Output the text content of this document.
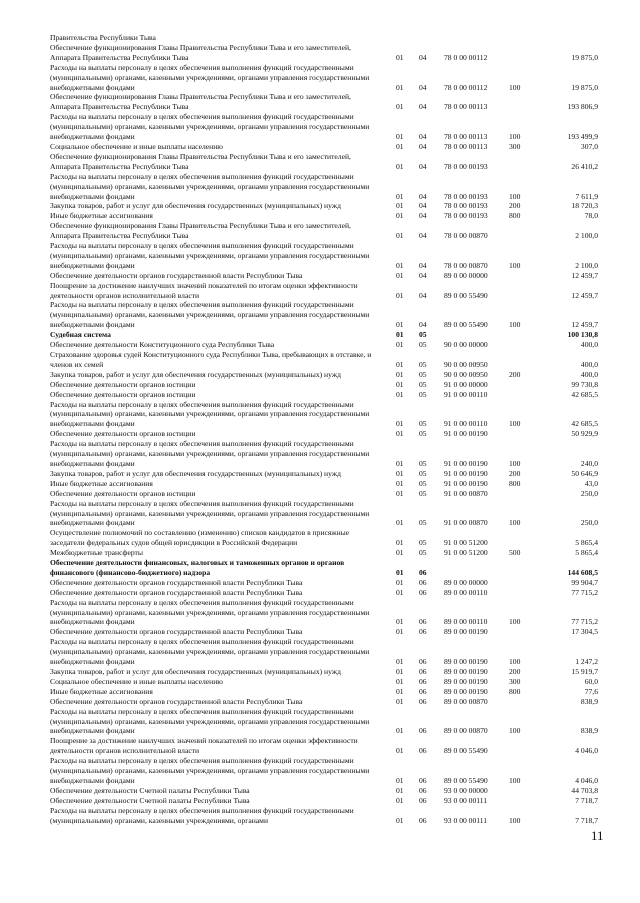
Правительства Республики Тыва
Обеспечение функционирования Главы Правительства Республики Тыва и его заместителей, Аппарата Правительства Республики Тыва	01 04 78 0 00 00112	19 875,0
Расходы на выплаты персоналу в целях обеспечения выполнения функций государственными (муниципальными) органами, казенными учреждениями, органами управления государственными внебюджетными фондами	01 04 78 0 00 00112	100	19 875,0
Обеспечение функционирования Главы Правительства Республики Тыва и его заместителей, Аппарата Правительства Республики Тыва	01 04 78 0 00 00113	193 806,9
Расходы на выплаты персоналу в целях обеспечения выполнения функций государственными (муниципальными) органами, казенными учреждениями, органами управления государственными внебюджетными фондами	01 04 78 0 00 00113	100	193 499,9
Социальное обеспечение и иные выплаты населению	01 04 78 0 00 00113	300	307,0
Обеспечение функционирования Главы Правительства Республики Тыва и его заместителей, Аппарата Правительства Республики Тыва	01 04 78 0 00 00193	26 410,2
Расходы на выплаты персоналу в целях обеспечения выполнения функций государственными (муниципальными) органами, казенными учреждениями, органами управления государственными внебюджетными фондами	01 04 78 0 00 00193	100	7 611,9
Закупка товаров, работ и услуг для обеспечения государственных (муниципальных) нужд	01 04 78 0 00 00193	200	18 720,3
Иные бюджетные ассигнования	01 04 78 0 00 00193	800	78,0
Обеспечение функционирования Главы Правительства Республики Тыва и его заместителей, Аппарата Правительства Республики Тыва	01 04 78 0 00 00870	2 100,0
Расходы на выплаты персоналу в целях обеспечения выполнения функций государственными (муниципальными) органами, казенными учреждениями, органами управления государственными внебюджетными фондами	01 04 78 0 00 00870	100	2 100,0
Обеспечение деятельности органов государственной власти Республики Тыва	01 04 89 0 00 00000	12 459,7
Поощрение за достижение наилучших значений показателей по итогам оценки эффективности деятельности органов исполнительной власти	01 04 89 0 00 55490	12 459,7
Расходы на выплаты персоналу в целях обеспечения выполнения функций государственными (муниципальными) органами, казенными учреждениями, органами управления государственными внебюджетными фондами	01 04 89 0 00 55490	100	12 459,7
Судебная система	01 05	100 130,8
Обеспечение деятельности Конституционного суда Республики Тыва	01 05 90 0 00 00000	400,0
Страхование здоровья судей Конституционного суда Республики Тыва, пребывающих в отставке, и членов их семей	01 05 90 0 00 00950	400,0
Закупка товаров, работ и услуг для обеспечения государственных (муниципальных) нужд	01 05 90 0 00 00950	200	400,0
Обеспечение деятельности органов юстиции	01 05 91 0 00 00000	99 730,8
Обеспечение деятельности органов юстиции	01 05 91 0 00 00110	42 685,5
Расходы на выплаты персоналу в целях обеспечения выполнения функций государственными (муниципальными) органами, казенными учреждениями, органами управления государственными внебюджетными фондами	01 05 91 0 00 00110	100	42 685,5
Обеспечение деятельности органов юстиции	01 05 91 0 00 00190	50 929,9
Расходы на выплаты персоналу в целях обеспечения выполнения функций государственными (муниципальными) органами, казенными учреждениями, органами управления государственными внебюджетными фондами	01 05 91 0 00 00190	100	240,0
Закупка товаров, работ и услуг для обеспечения государственных (муниципальных) нужд	01 05 91 0 00 00190	200	50 646,9
Иные бюджетные ассигнования	01 05 91 0 00 00190	800	43,0
Обеспечение деятельности органов юстиции	01 05 91 0 00 00870	250,0
Расходы на выплаты персоналу в целях обеспечения выполнения функций государственными (муниципальными) органами, казенными учреждениями, органами управления государственными внебюджетными фондами	01 05 91 0 00 00870	100	250,0
Осуществление полномочий по составлению (изменению) списков кандидатов в присяжные заседатели федеральных судов общей юрисдикции в Российской Федерации	01 05 91 0 00 51200	5 865,4
Межбюджетные трансферты	01 05 91 0 00 51200	500	5 865,4
Обеспечение деятельности финансовых, налоговых и таможенных органов и органов финансового (финансово-бюджетного) надзора	01 06	144 608,5
Обеспечение деятельности органов государственной власти Республики Тыва	01 06 89 0 00 00000	99 904,7
Обеспечение деятельности органов государственной власти Республики Тыва	01 06 89 0 00 00110	77 715,2
Расходы на выплаты персоналу в целях обеспечения выполнения функций государственными (муниципальными) органами, казенными учреждениями, органами управления государственными внебюджетными фондами	01 06 89 0 00 00110	100	77 715,2
Обеспечение деятельности органов государственной власти Республики Тыва	01 06 89 0 00 00190	17 304,5
Расходы на выплаты персоналу в целях обеспечения выполнения функций государственными (муниципальными) органами, казенными учреждениями, органами управления государственными внебюджетными фондами	01 06 89 0 00 00190	100	1 247,2
Закупка товаров, работ и услуг для обеспечения государственных (муниципальных) нужд	01 06 89 0 00 00190	200	15 919,7
Социальное обеспечение и иные выплаты населению	01 06 89 0 00 00190	300	60,0
Иные бюджетные ассигнования	01 06 89 0 00 00190	800	77,6
Обеспечение деятельности органов государственной власти Республики Тыва	01 06 89 0 00 00870	838,9
Расходы на выплаты персоналу в целях обеспечения выполнения функций государственными (муниципальными) органами, казенными учреждениями, органами управления государственными внебюджетными фондами	01 06 89 0 00 00870	100	838,9
Поощрение за достижение наилучших значений показателей по итогам оценки эффективности деятельности органов исполнительной власти	01 06 89 0 00 55490	4 046,0
Расходы на выплаты персоналу в целях обеспечения выполнения функций государственными (муниципальными) органами, казенными учреждениями, органами управления государственными внебюджетными фондами	01 06 89 0 00 55490	100	4 046,0
Обеспечение деятельности Счетной палаты Республики Тыва	01 06 93 0 00 00000	44 703,8
Обеспечение деятельности Счетной палаты Республики Тыва	01 06 93 0 00 00111	7 718,7
Расходы на выплаты персоналу в целях обеспечения выполнения функций государственными (муниципальными) органами, казенными учреждениями, органами	01 06 93 0 00 00111	100	7 718,7
11
